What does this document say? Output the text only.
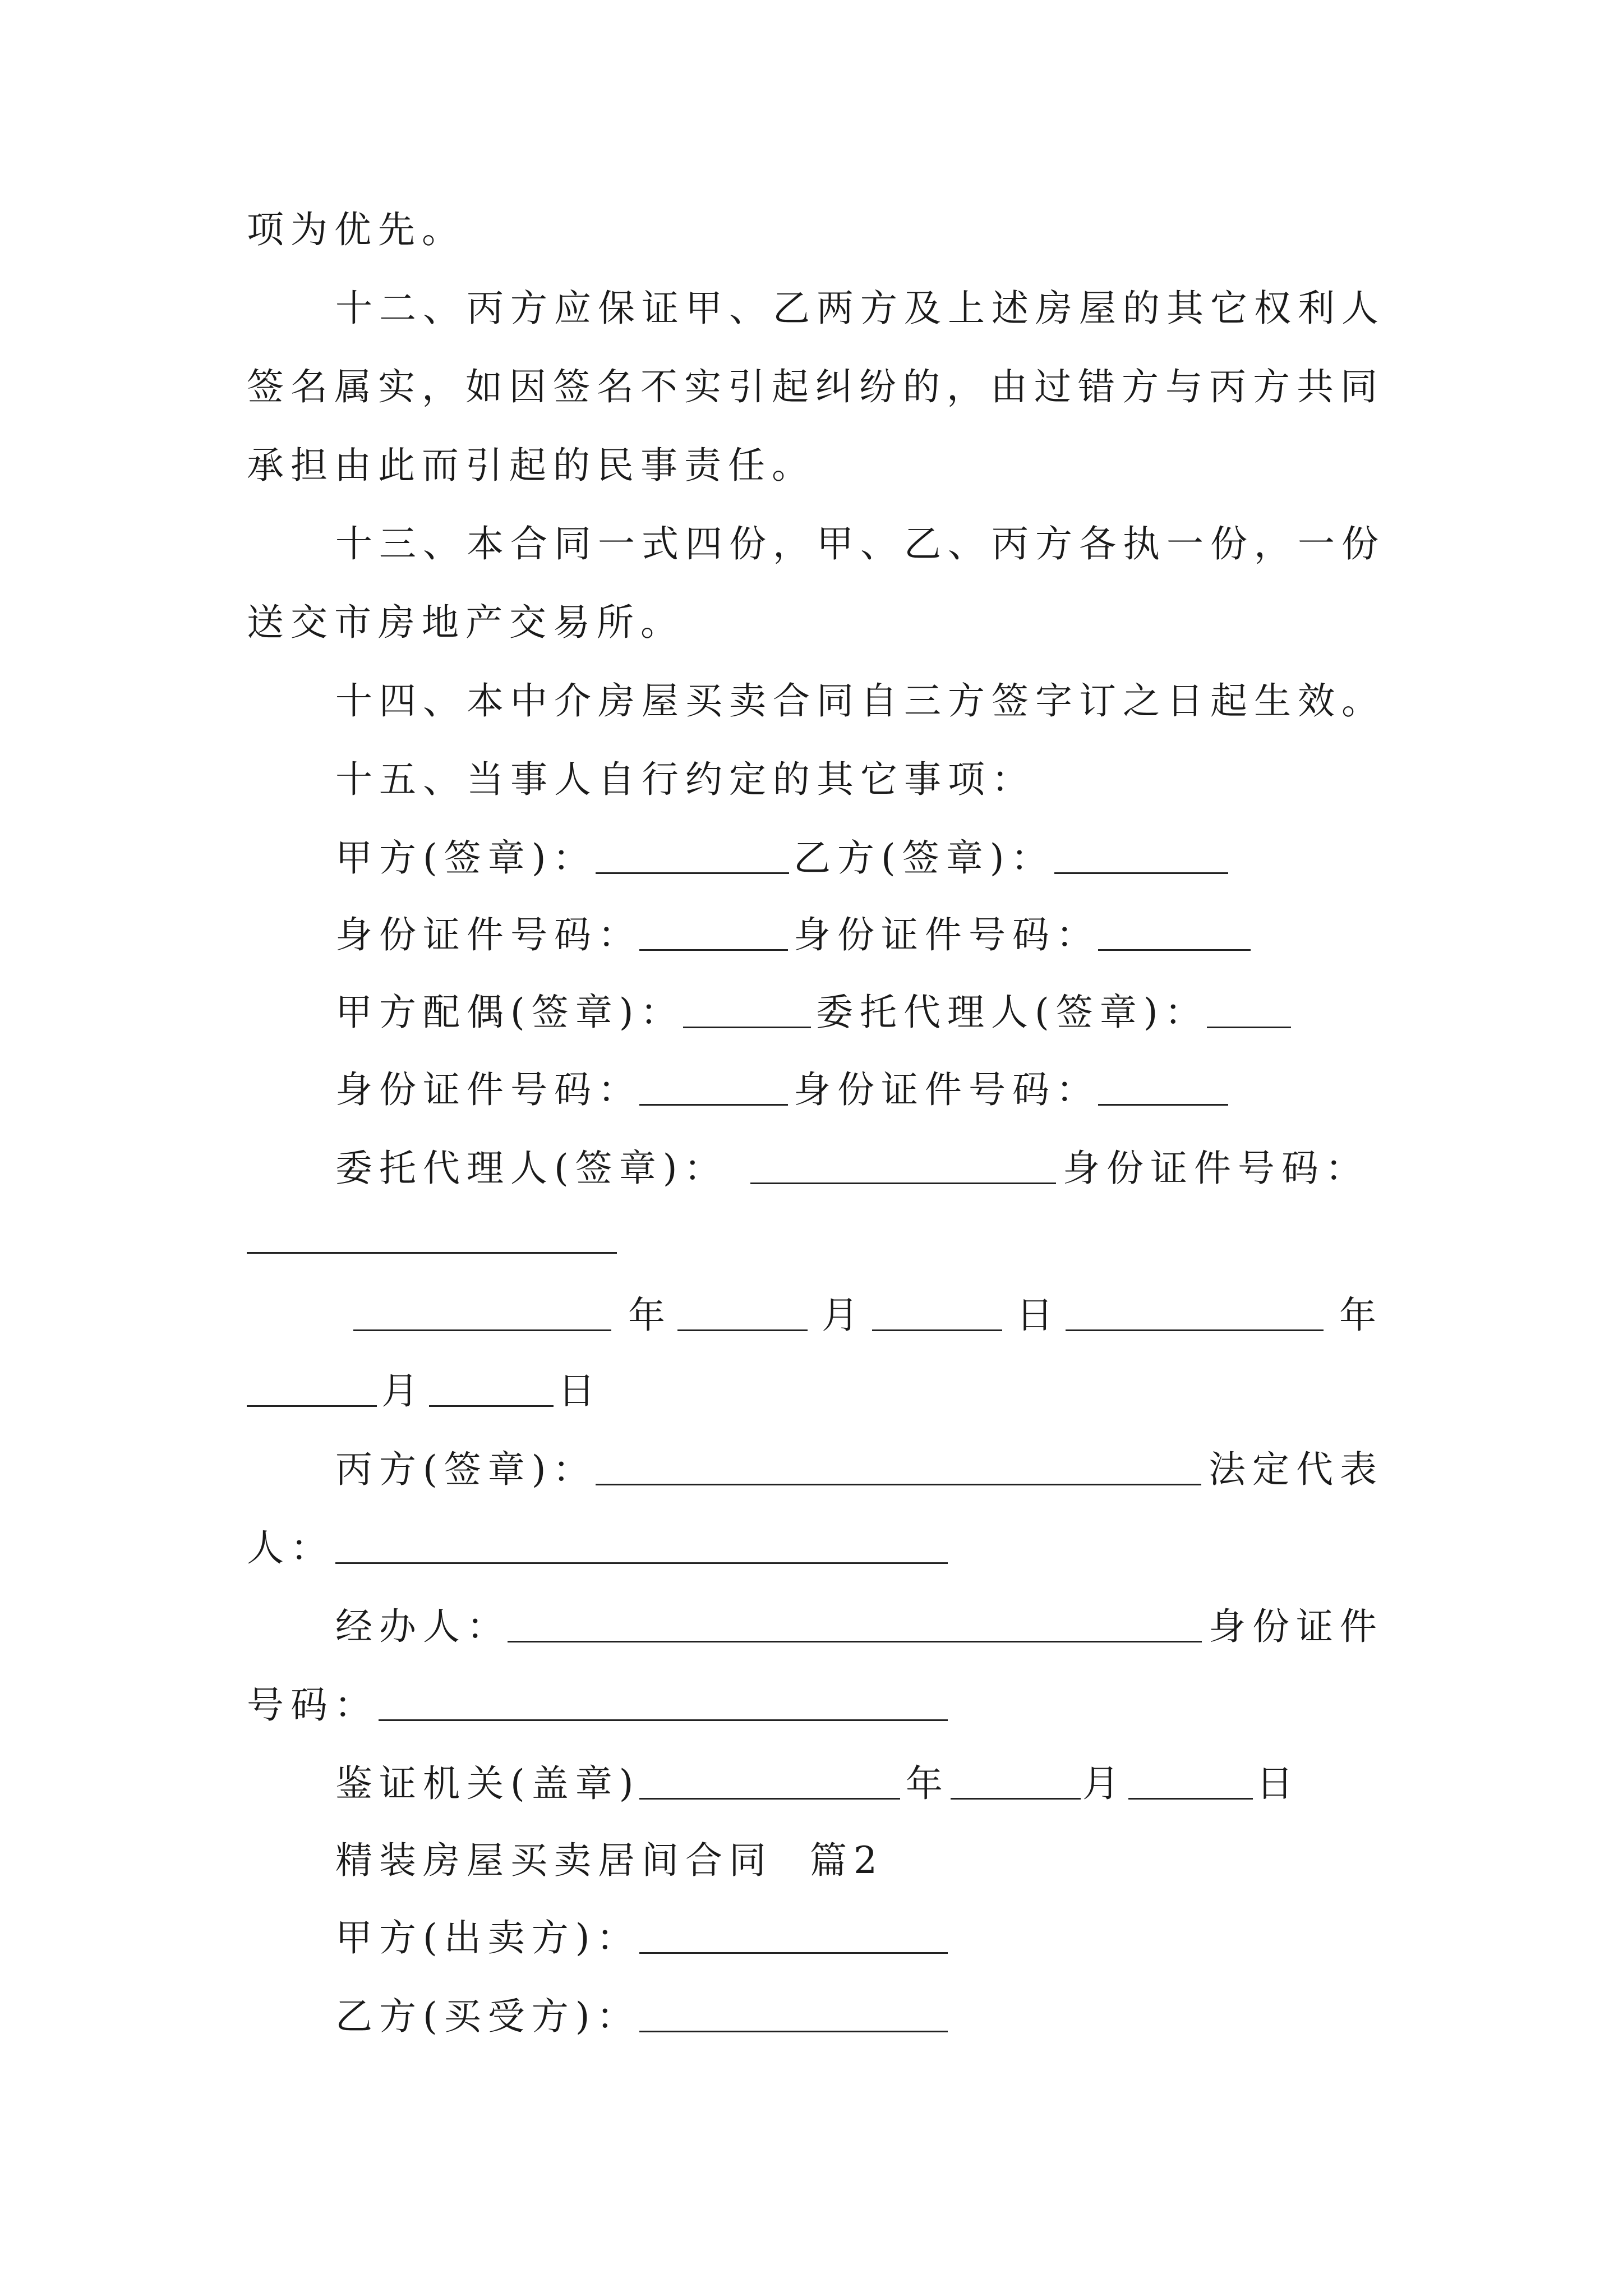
项为优先。
十二、丙方应保证甲、乙两方及上述房屋的其它权利人
签名属实，如因签名不实引起纠纷的，由过错方与丙方共同
承担由此而引起的民事责任。
十三、本合同一式四份，甲、乙、丙方各执一份，一份
送交市房地产交易所。
十四、本中介房屋买卖合同自三方签字订之日起生效。
十五、当事人自行约定的其它事项：
甲方(签章)：	乙方(签章)：
身份证件号码：	身份证件号码：
甲方配偶(签章)：	委托代理人(签章)：
身份证件号码：	身份证件号码：
委托代理人(签章)：	身份证件号码：
年	月	日	年
月	日
丙方(签章)：	法定代表
人：
经办人：	身份证件
号码：
鉴证机关(盖章)	年	月	日
精装房屋买卖居间合同  篇2
甲方(出卖方)：
乙方(买受方)：
